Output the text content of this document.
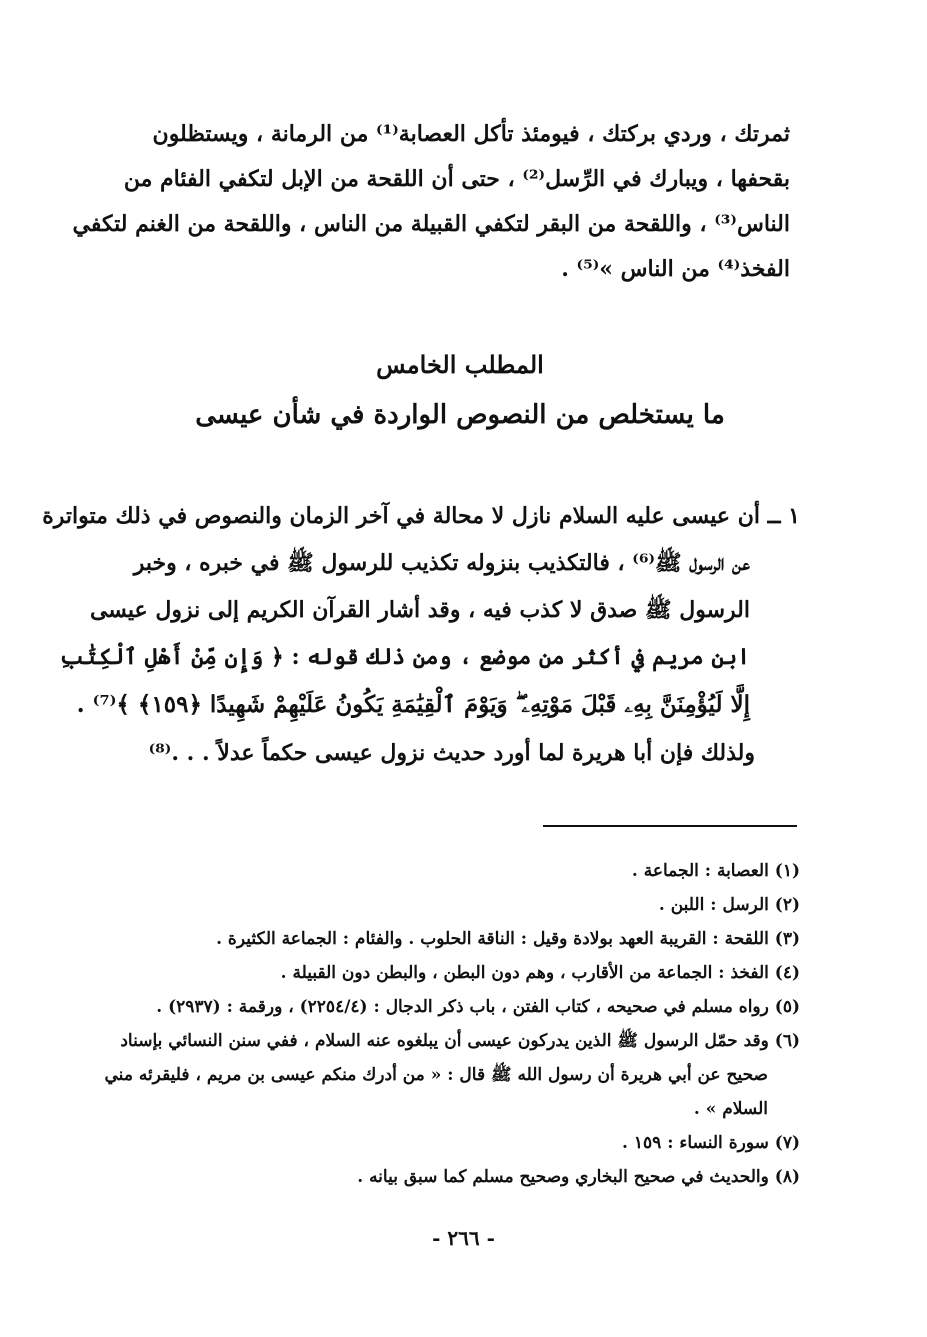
ثمرتك ، وردي بركتك ، فيومئذ تأكل العصابة⁽¹⁾ من الرمانة ، ويستظلون
بقحفها ، ويبارك في الرِّسل⁽²⁾ ، حتى أن اللقحة من الإبل لتكفي الفئام من
الناس⁽³⁾ ، واللقحة من البقر لتكفي القبيلة من الناس ، واللقحة من الغنم لتكفي
الفخذ⁽⁴⁾ من الناس »⁽⁵⁾ .
المطلب الخامس
ما يستخلص من النصوص الواردة في شأن عيسى
١ ــ أن عيسى عليه السلام نازل لا محالة في آخر الزمان والنصوص في ذلك متواترة
عن الرسول ﷺ⁽⁶⁾ ، فالتكذيب بنزوله تكذيب للرسول ﷺ في خبره ، وخبر
الرسول ﷺ صدق لا كذب فيه ، وقد أشار القرآن الكريم إلى نزول عيسى
ابن مريم في أكثر من موضع ، ومن ذلك قوله : ﴿ وَإِن مِّنْ أَهْلِ ٱلْكِتَٰبِ
إِلَّا لَيُؤْمِنَنَّ بِهِۦ قَبْلَ مَوْتِهِۦ ۖ وَيَوْمَ ٱلْقِيَٰمَةِ يَكُونُ عَلَيْهِمْ شَهِيدًا ﴿١٥٩﴾ ﴾⁽⁷⁾ .
ولذلك فإن أبا هريرة لما أورد حديث نزول عيسى حكماً عدلاً . . .⁽⁸⁾
(١) العصابة : الجماعة .
(٢) الرسل : اللبن .
(٣) اللقحة : القريبة العهد بولادة وقيل : الناقة الحلوب . والفئام : الجماعة الكثيرة .
(٤) الفخذ : الجماعة من الأقارب ، وهم دون البطن ، والبطن دون القبيلة .
(٥) رواه مسلم في صحيحه ، كتاب الفتن ، باب ذكر الدجال : (٢٢٥٤/٤) ، ورقمة : (٢٩٣٧) .
(٦) وقد حمّل الرسول ﷺ الذين يدركون عيسى أن يبلغوه عنه السلام ، ففي سنن النسائي بإسناد
صحيح عن أبي هريرة أن رسول الله ﷺ قال : « من أدرك منكم عيسى بن مريم ، فليقرئه مني
السلام » .
(٧) سورة النساء : ١٥٩ .
(٨) والحديث في صحيح البخاري وصحيح مسلم كما سبق بيانه .
- ٢٦٦ -
